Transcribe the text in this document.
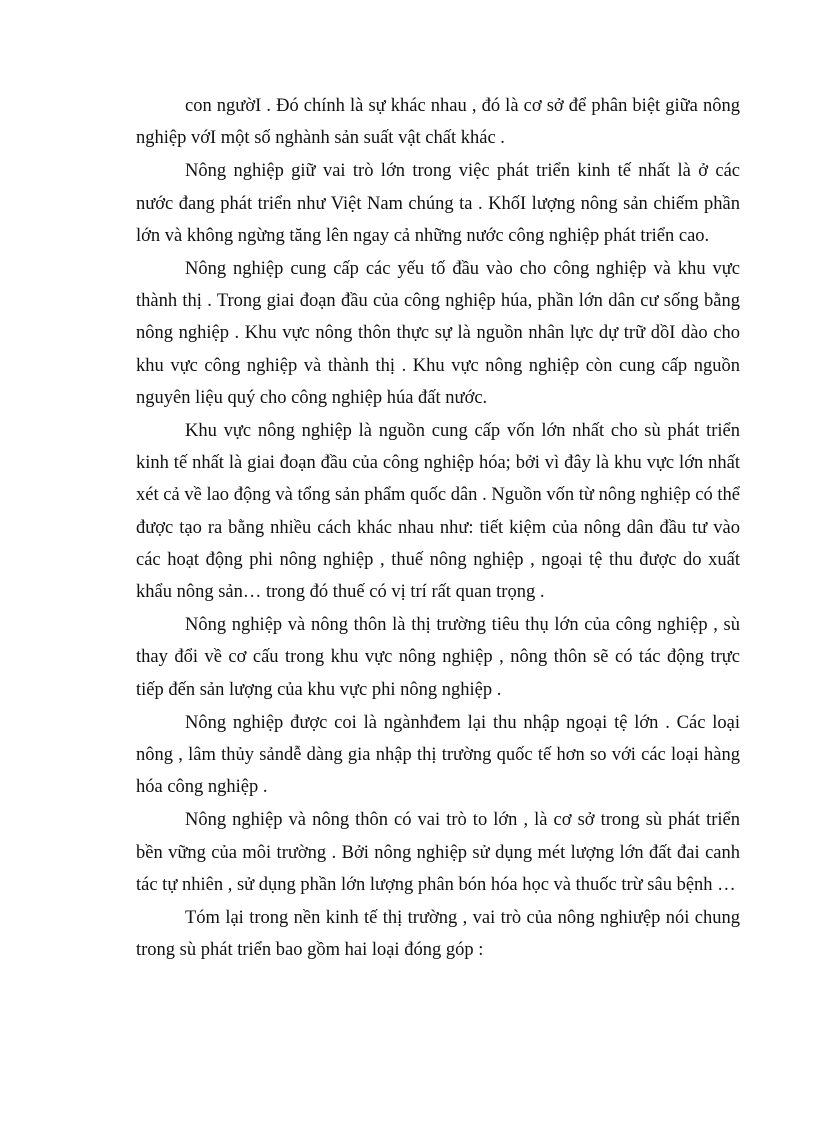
con ngườI . Đó chính là sự khác nhau , đó là cơ sở để phân biệt giữa nông nghiệp vớI một số nghành sản suất vật chất khác .

Nông nghiệp giữ vai trò lớn trong việc phát triển kinh tế nhất là ở các nước đang phát triển như Việt Nam chúng ta . KhốI lượng nông sản chiếm phần lớn và không ngừng tăng lên ngay cả những nước công nghiệp phát triển cao.

Nông nghiệp cung cấp các yếu tố đầu vào cho công nghiệp và khu vực thành thị . Trong giai đoạn đầu của công nghiệp húa, phần lớn dân cư sống bằng nông nghiệp . Khu vực nông thôn thực sự là nguồn nhân lực dự trữ dồI dào cho khu vực công nghiệp và thành thị . Khu vực nông nghiệp còn cung cấp nguồn nguyên liệu quý cho công nghiệp húa đất nước.

Khu vực nông nghiệp là nguồn cung cấp vốn lớn nhất cho sù phát triển kinh tế nhất là giai đoạn đầu của công nghiệp hóa; bởi vì đây là khu vực lớn nhất xét cả về lao động và tổng sản phẩm quốc dân . Nguồn vốn từ nông nghiệp có thể được tạo ra bằng nhiều cách khác nhau như: tiết kiệm của nông dân đầu tư vào các hoạt động phi nông nghiệp , thuế nông nghiệp , ngoại tệ thu được do xuất khẩu nông sản… trong đó thuế có vị trí rất quan trọng .

Nông nghiệp và nông thôn là thị trường tiêu thụ lớn của công nghiệp , sù thay đổi về cơ cấu trong khu vực nông nghiệp , nông thôn sẽ có tác động trực tiếp đến sản lượng của khu vực phi nông nghiệp .

Nông nghiệp được coi là ngànhđem lại thu nhập ngoại tệ lớn . Các loại nông , lâm thủy sảndễ dàng gia nhập thị trường quốc tế hơn so với các loại hàng hóa công nghiệp .

Nông nghiệp và nông thôn có vai trò to lớn , là cơ sở trong sù phát triển bền vững của môi trường . Bởi nông nghiệp sử dụng mét lượng lớn đất đai canh tác tự nhiên , sử dụng phần lớn lượng phân bón hóa học và thuốc trừ sâu bệnh …

Tóm lại trong nền kinh tế thị trường , vai trò của nông nghiưệp nói chung trong sù phát triển bao gồm hai loại đóng góp :
